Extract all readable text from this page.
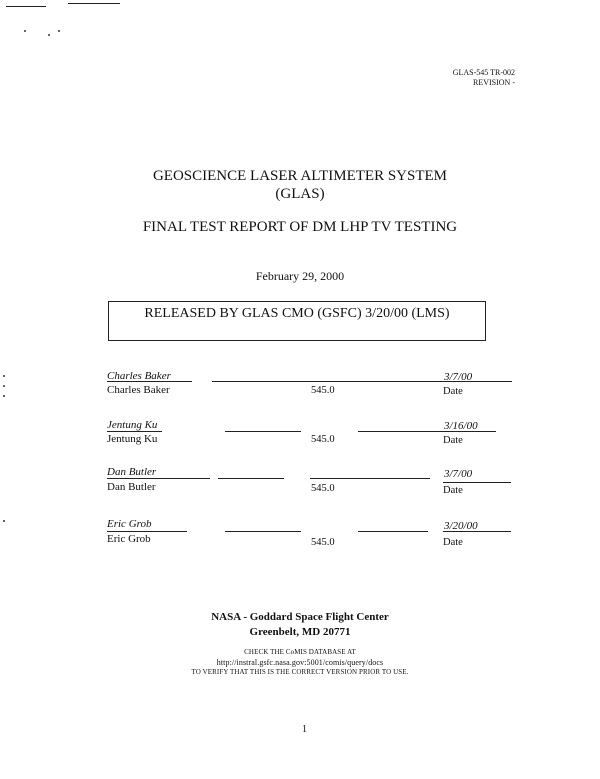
GLAS-545 TR-002
REVISION -
GEOSCIENCE LASER ALTIMETER SYSTEM
(GLAS)
FINAL TEST REPORT OF DM LHP TV TESTING
February 29, 2000
RELEASED BY GLAS CMO (GSFC) 3/20/00 (LMS)
Charles Baker
Charles Baker	545.0
3/7/00
Date
Jentung Ku
Jentung Ku	545.0
3/16/00
Date
Dan Butler
Dan Butler	545.0
3/7/00
Date
Eric Grob
Eric Grob	545.0
3/20/00
Date
NASA - Goddard Space Flight Center
Greenbelt, MD 20771
CHECK THE CoMIS DATABASE AT
http://instral.gsfc.nasa.gov:5001/comis/query/docs
TO VERIFY THAT THIS IS THE CORRECT VERSION PRIOR TO USE.
1
